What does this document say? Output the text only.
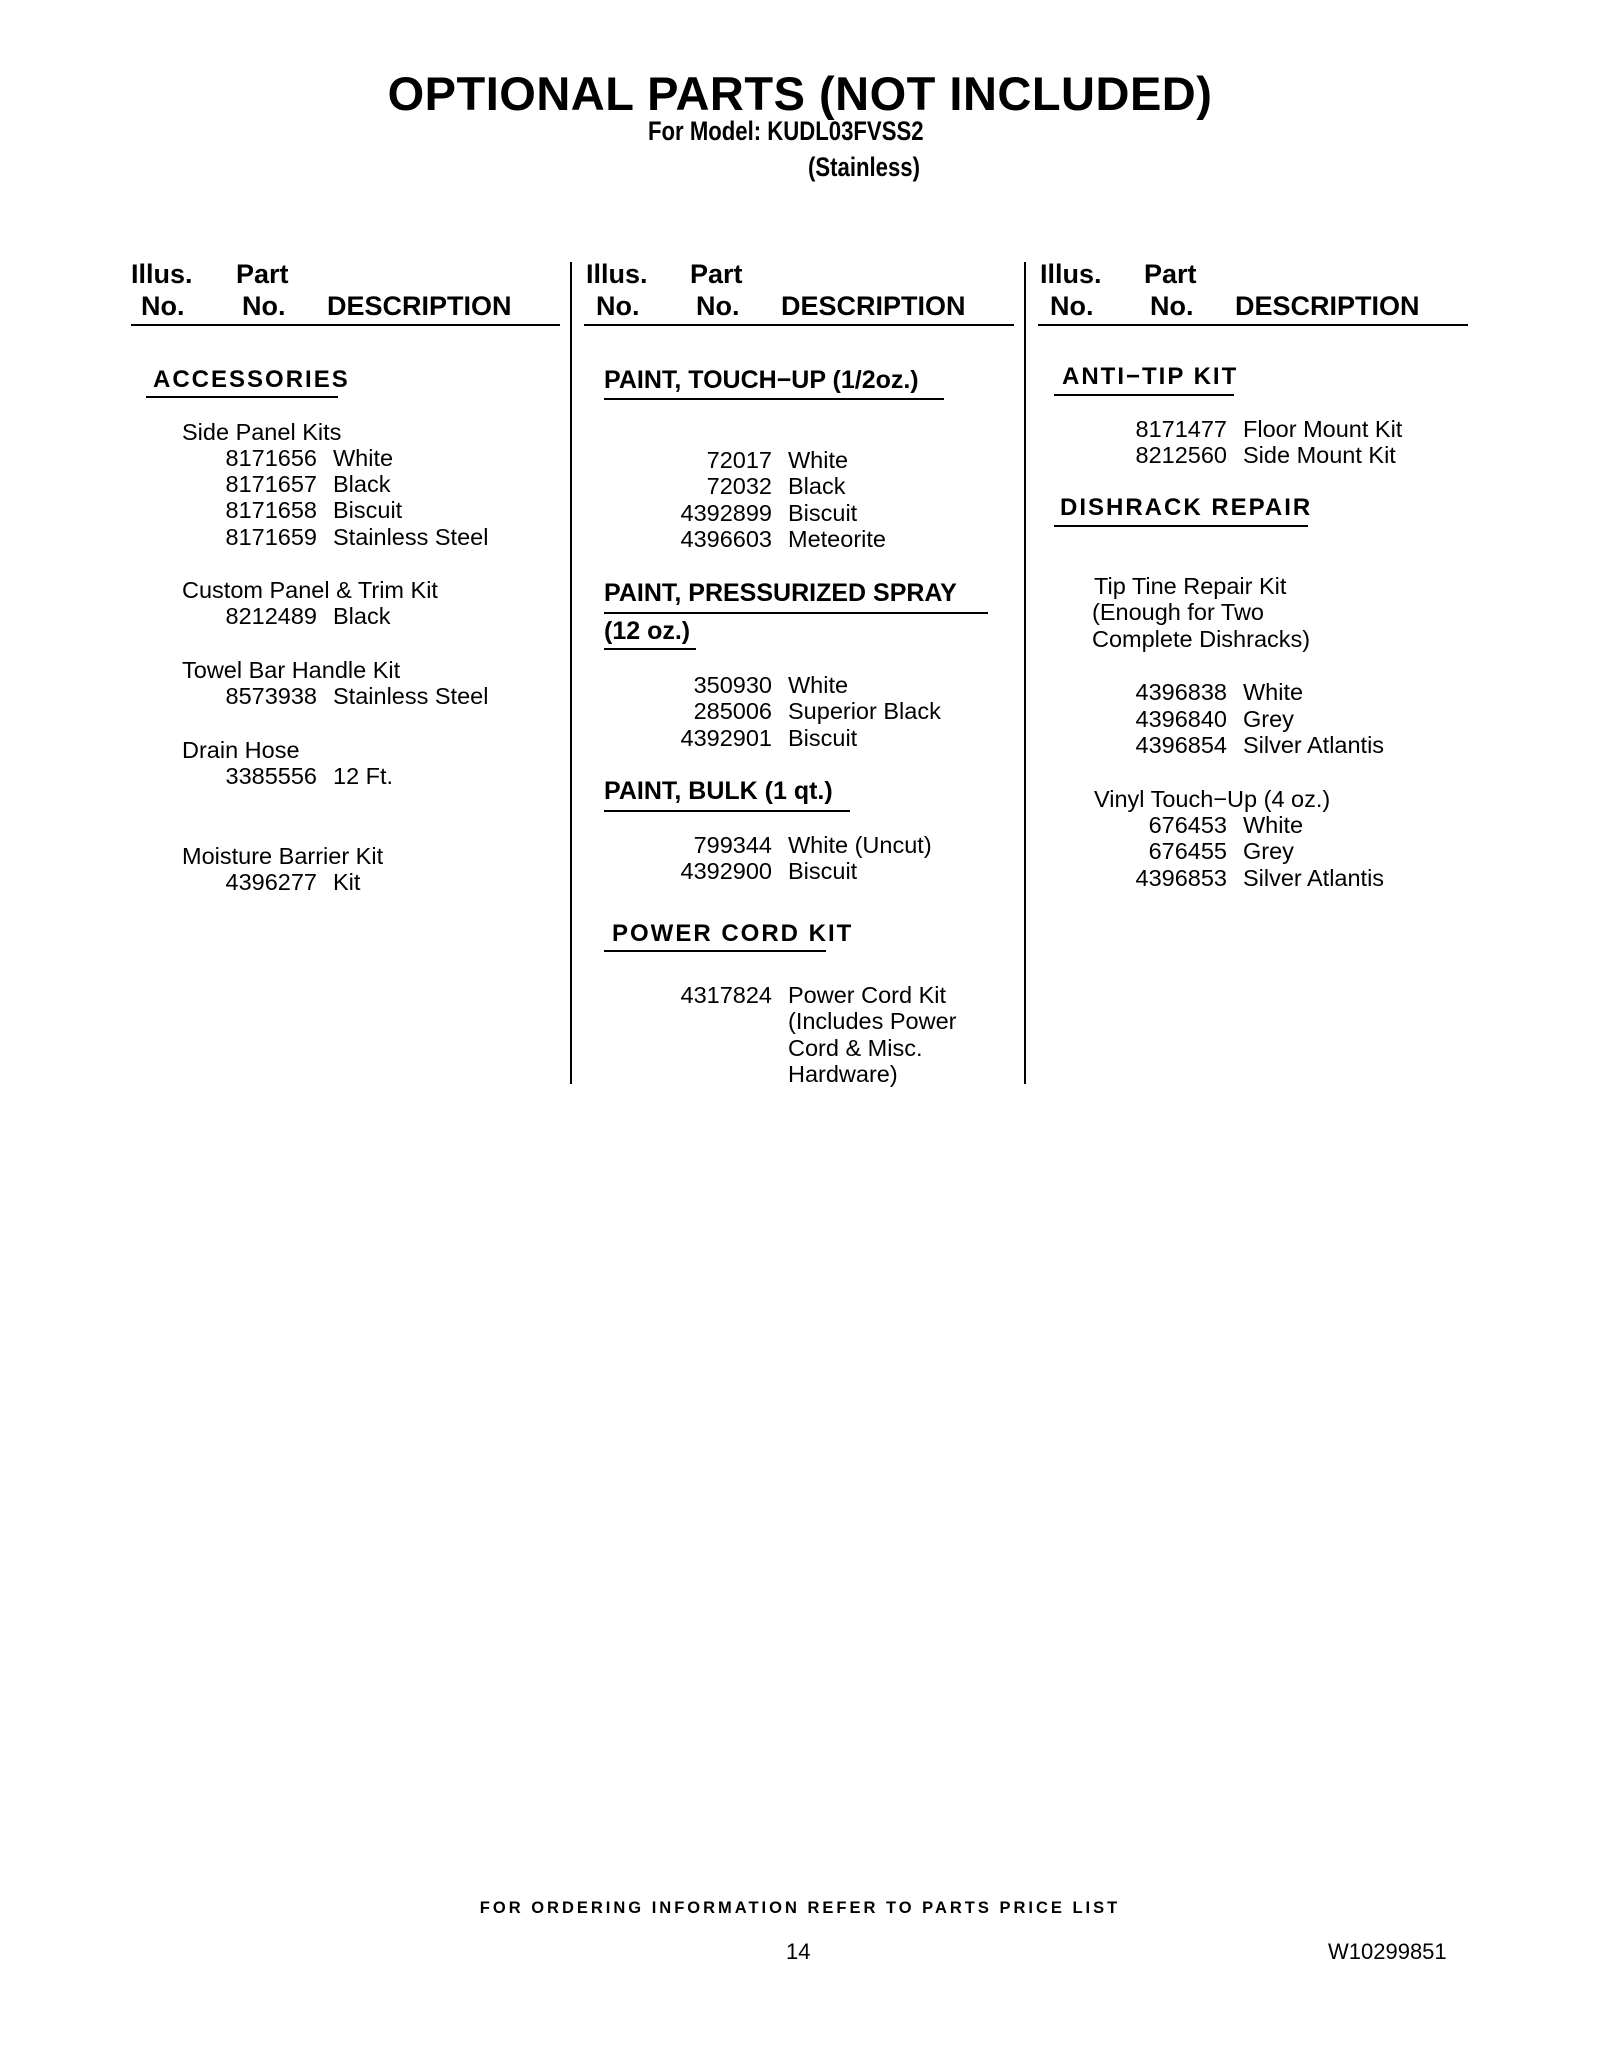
OPTIONAL PARTS (NOT INCLUDED)
For Model: KUDL03FVSS2
(Stainless)
Illus.
No.
Part
No. DESCRIPTION
Illus.
No.
Part
No. DESCRIPTION
Illus.
No.
Part
No. DESCRIPTION
ACCESSORIES
Side Panel Kits
8171656 White
8171657 Black
8171658 Biscuit
8171659 Stainless Steel
Custom Panel & Trim Kit
8212489 Black
Towel Bar Handle Kit
8573938 Stainless Steel
Drain Hose
3385556 12 Ft.
Moisture Barrier Kit
4396277 Kit
PAINT, TOUCH−UP (1/2oz.)
72017 White
72032 Black
4392899 Biscuit
4396603 Meteorite
PAINT, PRESSURIZED SPRAY
(12 oz.)
350930 White
285006 Superior Black
4392901 Biscuit
PAINT, BULK (1 qt.)
799344 White (Uncut)
4392900 Biscuit
POWER CORD KIT
4317824 Power Cord Kit
(Includes Power
Cord & Misc.
Hardware)
ANTI−TIP KIT
8171477 Floor Mount Kit
8212560 Side Mount Kit
DISHRACK REPAIR
Tip Tine Repair Kit
(Enough for Two
Complete Dishracks)
4396838 White
4396840 Grey
4396854 Silver Atlantis
Vinyl Touch−Up (4 oz.)
676453 White
676455 Grey
4396853 Silver Atlantis
FOR ORDERING INFORMATION REFER TO PARTS PRICE LIST
14	W10299851
